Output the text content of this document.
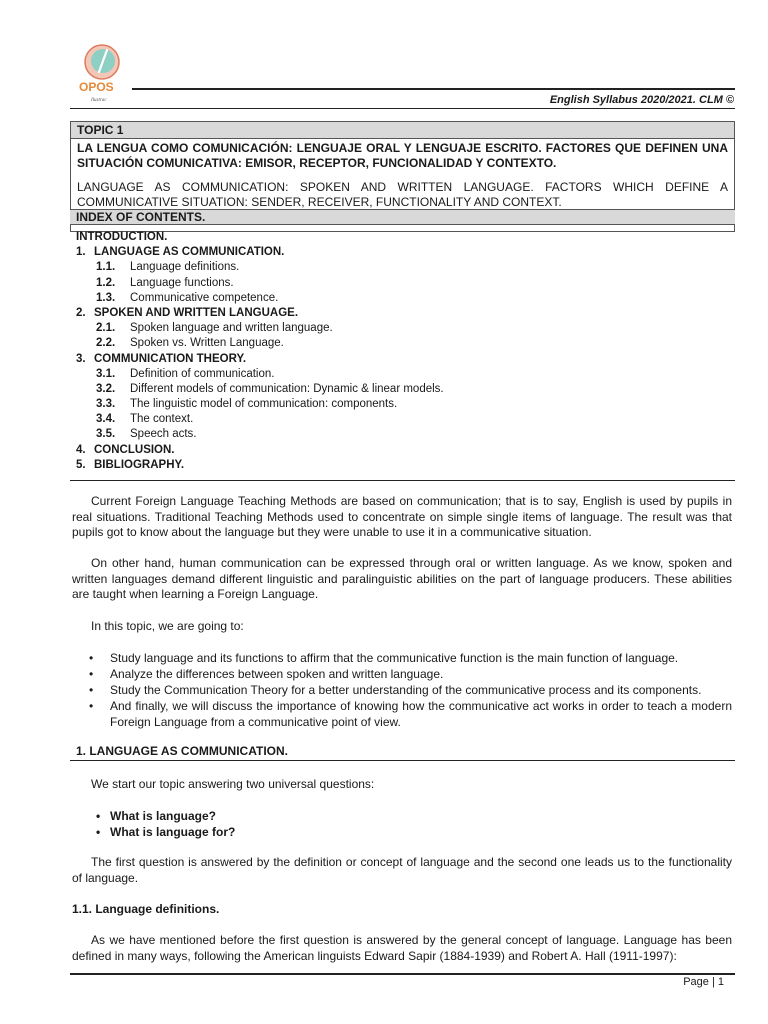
OPOS
Ilustrac	English Syllabus 2020/2021. CLM ©
TOPIC 1
LA LENGUA COMO COMUNICACIÓN: LENGUAJE ORAL Y LENGUAJE ESCRITO. FACTORES QUE DEFINEN UNA SITUACIÓN COMUNICATIVA: EMISOR, RECEPTOR, FUNCIONALIDAD Y CONTEXTO.
LANGUAGE AS COMMUNICATION: SPOKEN AND WRITTEN LANGUAGE. FACTORS WHICH DEFINE A COMMUNICATIVE SITUATION: SENDER, RECEIVER, FUNCTIONALITY AND CONTEXT.
INDEX OF CONTENTS.
INTRODUCTION.
1. LANGUAGE AS COMMUNICATION.
1.1. Language definitions.
1.2. Language functions.
1.3. Communicative competence.
2. SPOKEN AND WRITTEN LANGUAGE.
2.1. Spoken language and written language.
2.2. Spoken vs. Written Language.
3. COMMUNICATION THEORY.
3.1. Definition of communication.
3.2. Different models of communication: Dynamic & linear models.
3.3. The linguistic model of communication: components.
3.4. The context.
3.5. Speech acts.
4. CONCLUSION.
5. BIBLIOGRAPHY.
Current Foreign Language Teaching Methods are based on communication; that is to say, English is used by pupils in real situations. Traditional Teaching Methods used to concentrate on simple single items of language. The result was that pupils got to know about the language but they were unable to use it in a communicative situation.
On other hand, human communication can be expressed through oral or written language. As we know, spoken and written languages demand different linguistic and paralinguistic abilities on the part of language producers. These abilities are taught when learning a Foreign Language.
In this topic, we are going to:
• Study language and its functions to affirm that the communicative function is the main function of language.
• Analyze the differences between spoken and written language.
• Study the Communication Theory for a better understanding of the communicative process and its components.
• And finally, we will discuss the importance of knowing how the communicative act works in order to teach a modern Foreign Language from a communicative point of view.
1. LANGUAGE AS COMMUNICATION.
We start our topic answering two universal questions:
• What is language?
• What is language for?
The first question is answered by the definition or concept of language and the second one leads us to the functionality of language.
1.1. Language definitions.
As we have mentioned before the first question is answered by the general concept of language. Language has been defined in many ways, following the American linguists Edward Sapir (1884-1939) and Robert A. Hall (1911-1997):
Page | 1
